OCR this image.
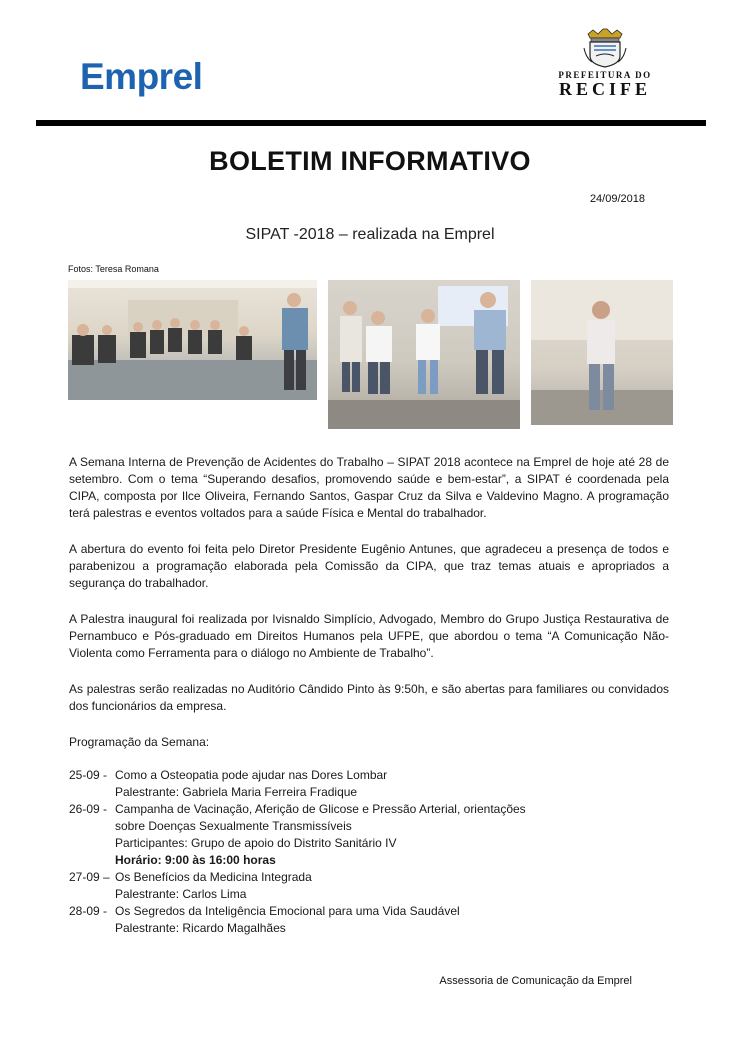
Emprel	PREFEITURA DO
RECIFE
BOLETIM INFORMATIVO
24/09/2018
SIPAT -2018 – realizada na Emprel
Fotos: Teresa Romana
A Semana Interna de Prevenção de Acidentes do Trabalho – SIPAT 2018 acontece na Emprel de hoje até 28 de setembro. Com o tema “Superando desafios, promovendo saúde e bem-estar”, a SIPAT é coordenada pela CIPA, composta por Ilce Oliveira, Fernando Santos, Gaspar Cruz da Silva e Valdevino Magno. A programação terá palestras e eventos voltados para a saúde Física e Mental do trabalhador.
A abertura do evento foi feita pelo Diretor Presidente Eugênio Antunes, que agradeceu a presença de todos e parabenizou a programação elaborada pela Comissão da CIPA, que traz temas atuais e apropriados a segurança do trabalhador.
A Palestra inaugural foi realizada por Ivisnaldo Simplício, Advogado, Membro do Grupo Justiça Restaurativa de Pernambuco e Pós-graduado em Direitos Humanos pela UFPE, que abordou o tema “A Comunicação Não-Violenta como Ferramenta para o diálogo no Ambiente de Trabalho”.
As palestras serão realizadas no Auditório Cândido Pinto às 9:50h, e são abertas para familiares ou convidados dos funcionários da empresa.
Programação da Semana:
25-09 - Como a Osteopatia pode ajudar nas Dores Lombar
Palestrante: Gabriela Maria Ferreira Fradique
26-09 - Campanha de Vacinação, Aferição de Glicose e Pressão Arterial, orientações
sobre Doenças Sexualmente Transmissíveis
Participantes: Grupo de apoio do Distrito Sanitário IV
Horário: 9:00 às 16:00 horas
27-09 – Os Benefícios da Medicina Integrada
Palestrante: Carlos Lima
28-09 - Os Segredos da Inteligência Emocional para uma Vida Saudável
Palestrante: Ricardo Magalhães
Assessoria de Comunicação da Emprel
